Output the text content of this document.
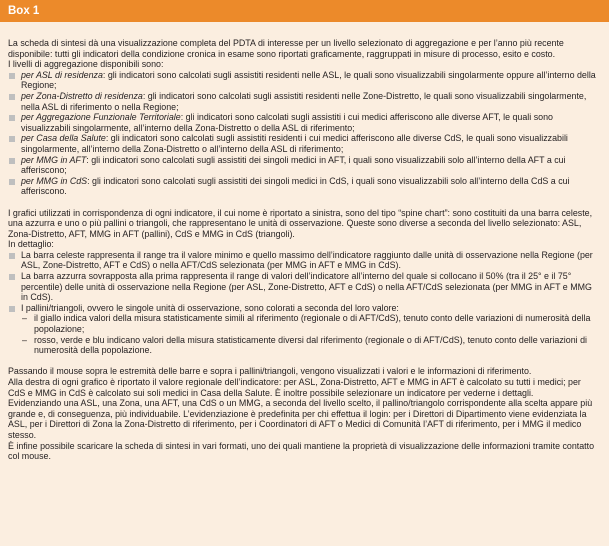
Box 1

La scheda di sintesi dà una visualizzazione completa del PDTA di interesse per un livello selezionato di aggregazione e per l’anno più recente disponibile: tutti gli indicatori della condizione cronica in esame sono riportati graficamente, raggruppati in misure di processo, esito e costo.

I livelli di aggregazione disponibili sono:

per ASL di residenza: gli indicatori sono calcolati sugli assistiti residenti nelle ASL, le quali sono visualizzabili singolarmente oppure all’interno della Regione;
per Zona-Distretto di residenza: gli indicatori sono calcolati sugli assistiti residenti nelle Zone-Distretto, le quali sono visualizzabili singolarmente, nella ASL di riferimento o nella Regione;
per Aggregazione Funzionale Territoriale: gli indicatori sono calcolati sugli assistiti i cui medici afferiscono alle diverse AFT, le quali sono visualizzabili singolarmente, all’interno della Zona-Distretto o della ASL di riferimento;
per Casa della Salute: gli indicatori sono calcolati sugli assistiti residenti i cui medici afferiscono alle diverse CdS, le quali sono visualizzabili singolarmente, all’interno della Zona-Distretto o all’interno della ASL di riferimento;
per MMG in AFT: gli indicatori sono calcolati sugli assistiti dei singoli medici in AFT, i quali sono visualizzabili solo all’interno della AFT a cui afferiscono;
per MMG in CdS: gli indicatori sono calcolati sugli assistiti dei singoli medici in CdS, i quali sono visualizzabili solo all’interno della CdS a cui afferiscono.

I grafici utilizzati in corrispondenza di ogni indicatore, il cui nome è riportato a sinistra, sono del tipo “spine chart”: sono costituiti da una barra celeste, una azzurra e uno o più pallini o triangoli, che rappresentano le unità di osservazione. Queste sono diverse a seconda del livello selezionato: ASL, Zona-Distretto, AFT, MMG in AFT (pallini), CdS e MMG in CdS (triangoli).

In dettaglio:

La barra celeste rappresenta il range tra il valore minimo e quello massimo dell’indicatore raggiunto dalle unità di osservazione nella Regione (per ASL, Zone-Distretto, AFT e CdS) o nella AFT/CdS selezionata (per MMG in AFT e MMG in CdS).
La barra azzurra sovrapposta alla prima rappresenta il range di valori dell’indicatore all’interno del quale si collocano il 50% (tra il 25° e il 75° percentile) delle unità di osservazione nella Regione (per ASL, Zone-Distretto, AFT e CdS) o nella AFT/CdS selezionata (per MMG in AFT e MMG in CdS).
I pallini/triangoli, ovvero le singole unità di osservazione, sono colorati a seconda del loro valore:
– il giallo indica valori della misura statisticamente simili al riferimento (regionale o di AFT/CdS), tenuto conto delle variazioni di numerosità della popolazione;
– rosso, verde e blu indicano valori della misura statisticamente diversi dal riferimento (regionale o di AFT/CdS), tenuto conto delle variazioni di numerosità della popolazione.

Passando il mouse sopra le estremità delle barre e sopra i pallini/triangoli, vengono visualizzati i valori e le informazioni di riferimento.

Alla destra di ogni grafico è riportato il valore regionale dell’indicatore: per ASL, Zona-Distretto, AFT e MMG in AFT è calcolato su tutti i medici; per CdS e MMG in CdS è calcolato sui soli medici in Casa della Salute. È inoltre possibile selezionare un indicatore per vederne i dettagli.

Evidenziando una ASL, una Zona, una AFT, una CdS o un MMG, a seconda del livello scelto, il pallino/triangolo corrispondente alla scelta appare più grande e, di conseguenza, più individuabile. L’evidenziazione è predefinita per chi effettua il login: per i Direttori di Dipartimento viene evidenziata la ASL, per i Direttori di Zona la Zona-Distretto di riferimento, per i Coordinatori di AFT o Medici di Comunità l’AFT di riferimento, per i MMG il medico stesso.

È infine possibile scaricare la scheda di sintesi in vari formati, uno dei quali mantiene la proprietà di visualizzazione delle informazioni tramite contatto col mouse.
